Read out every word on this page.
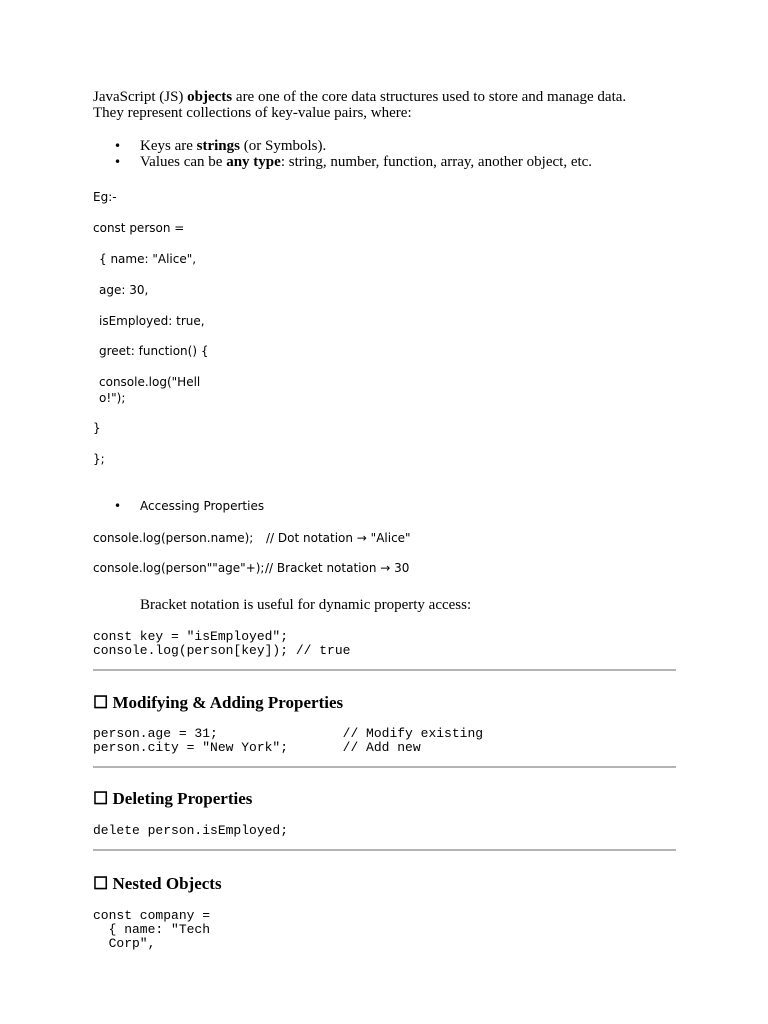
JavaScript (JS) objects are one of the core data structures used to store and manage data.
They represent collections of key-value pairs, where:

• Keys are strings (or Symbols).
• Values can be any type: string, number, function, array, another object, etc.
Eg:-
const person =
{ name: "Alice",
age: 30,
isEmployed: true,
greet: function() {
console.log("Hell
o!");
}
};
• Accessing Properties
console.log(person.name); // Dot notation → "Alice"
console.log(person""age"+); // Bracket notation → 30

Bracket notation is useful for dynamic property access:

const key = "isEmployed";
console.log(person[key]); // true
☐ Modifying & Adding Properties
person.age = 31;                // Modify existing
person.city = "New York";       // Add new
☐ Deleting Properties
delete person.isEmployed;
☐ Nested Objects
const company =
{ name: "Tech
Corp",
